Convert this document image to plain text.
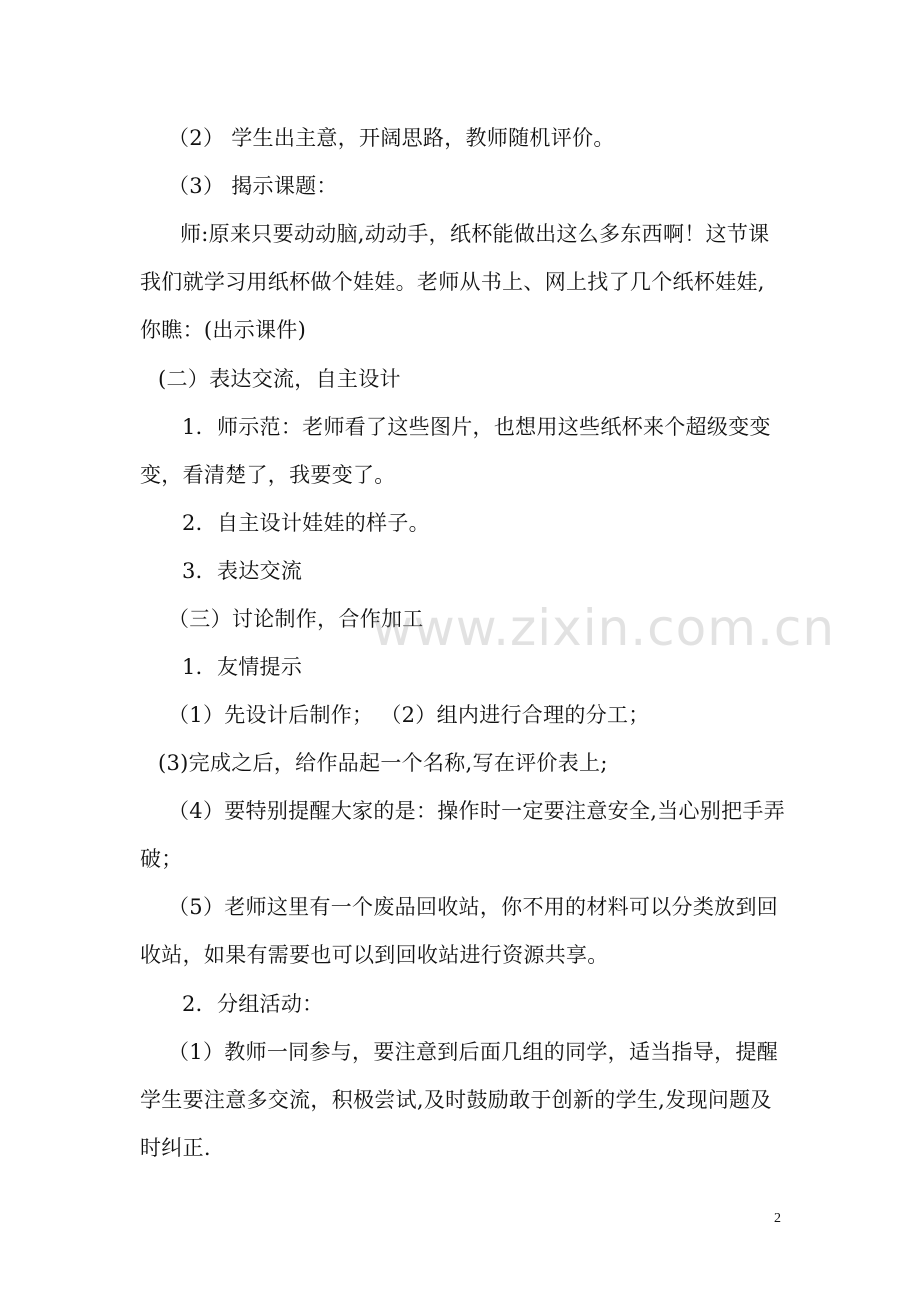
（2） 学生出主意，开阔思路，教师随机评价。
（3） 揭示课题：
师:原来只要动动脑,动动手，纸杯能做出这么多东西啊！这节课
我们就学习用纸杯做个娃娃。老师从书上、网上找了几个纸杯娃娃,
你瞧：(出示课件)
(二）表达交流，自主设计
1．师示范：老师看了这些图片，也想用这些纸杯来个超级变变
变，看清楚了，我要变了。
2．自主设计娃娃的样子。
3．表达交流
（三）讨论制作，合作加工
1．友情提示
（1）先设计后制作； （2）组内进行合理的分工；
(3)完成之后，给作品起一个名称,写在评价表上;
（4）要特别提醒大家的是：操作时一定要注意安全,当心别把手弄
破；
（5）老师这里有一个废品回收站，你不用的材料可以分类放到回
收站，如果有需要也可以到回收站进行资源共享。
2．分组活动：
（1）教师一同参与，要注意到后面几组的同学，适当指导，提醒
学生要注意多交流，积极尝试,及时鼓励敢于创新的学生,发现问题及
时纠正.
www.zixin.com.cn
2
